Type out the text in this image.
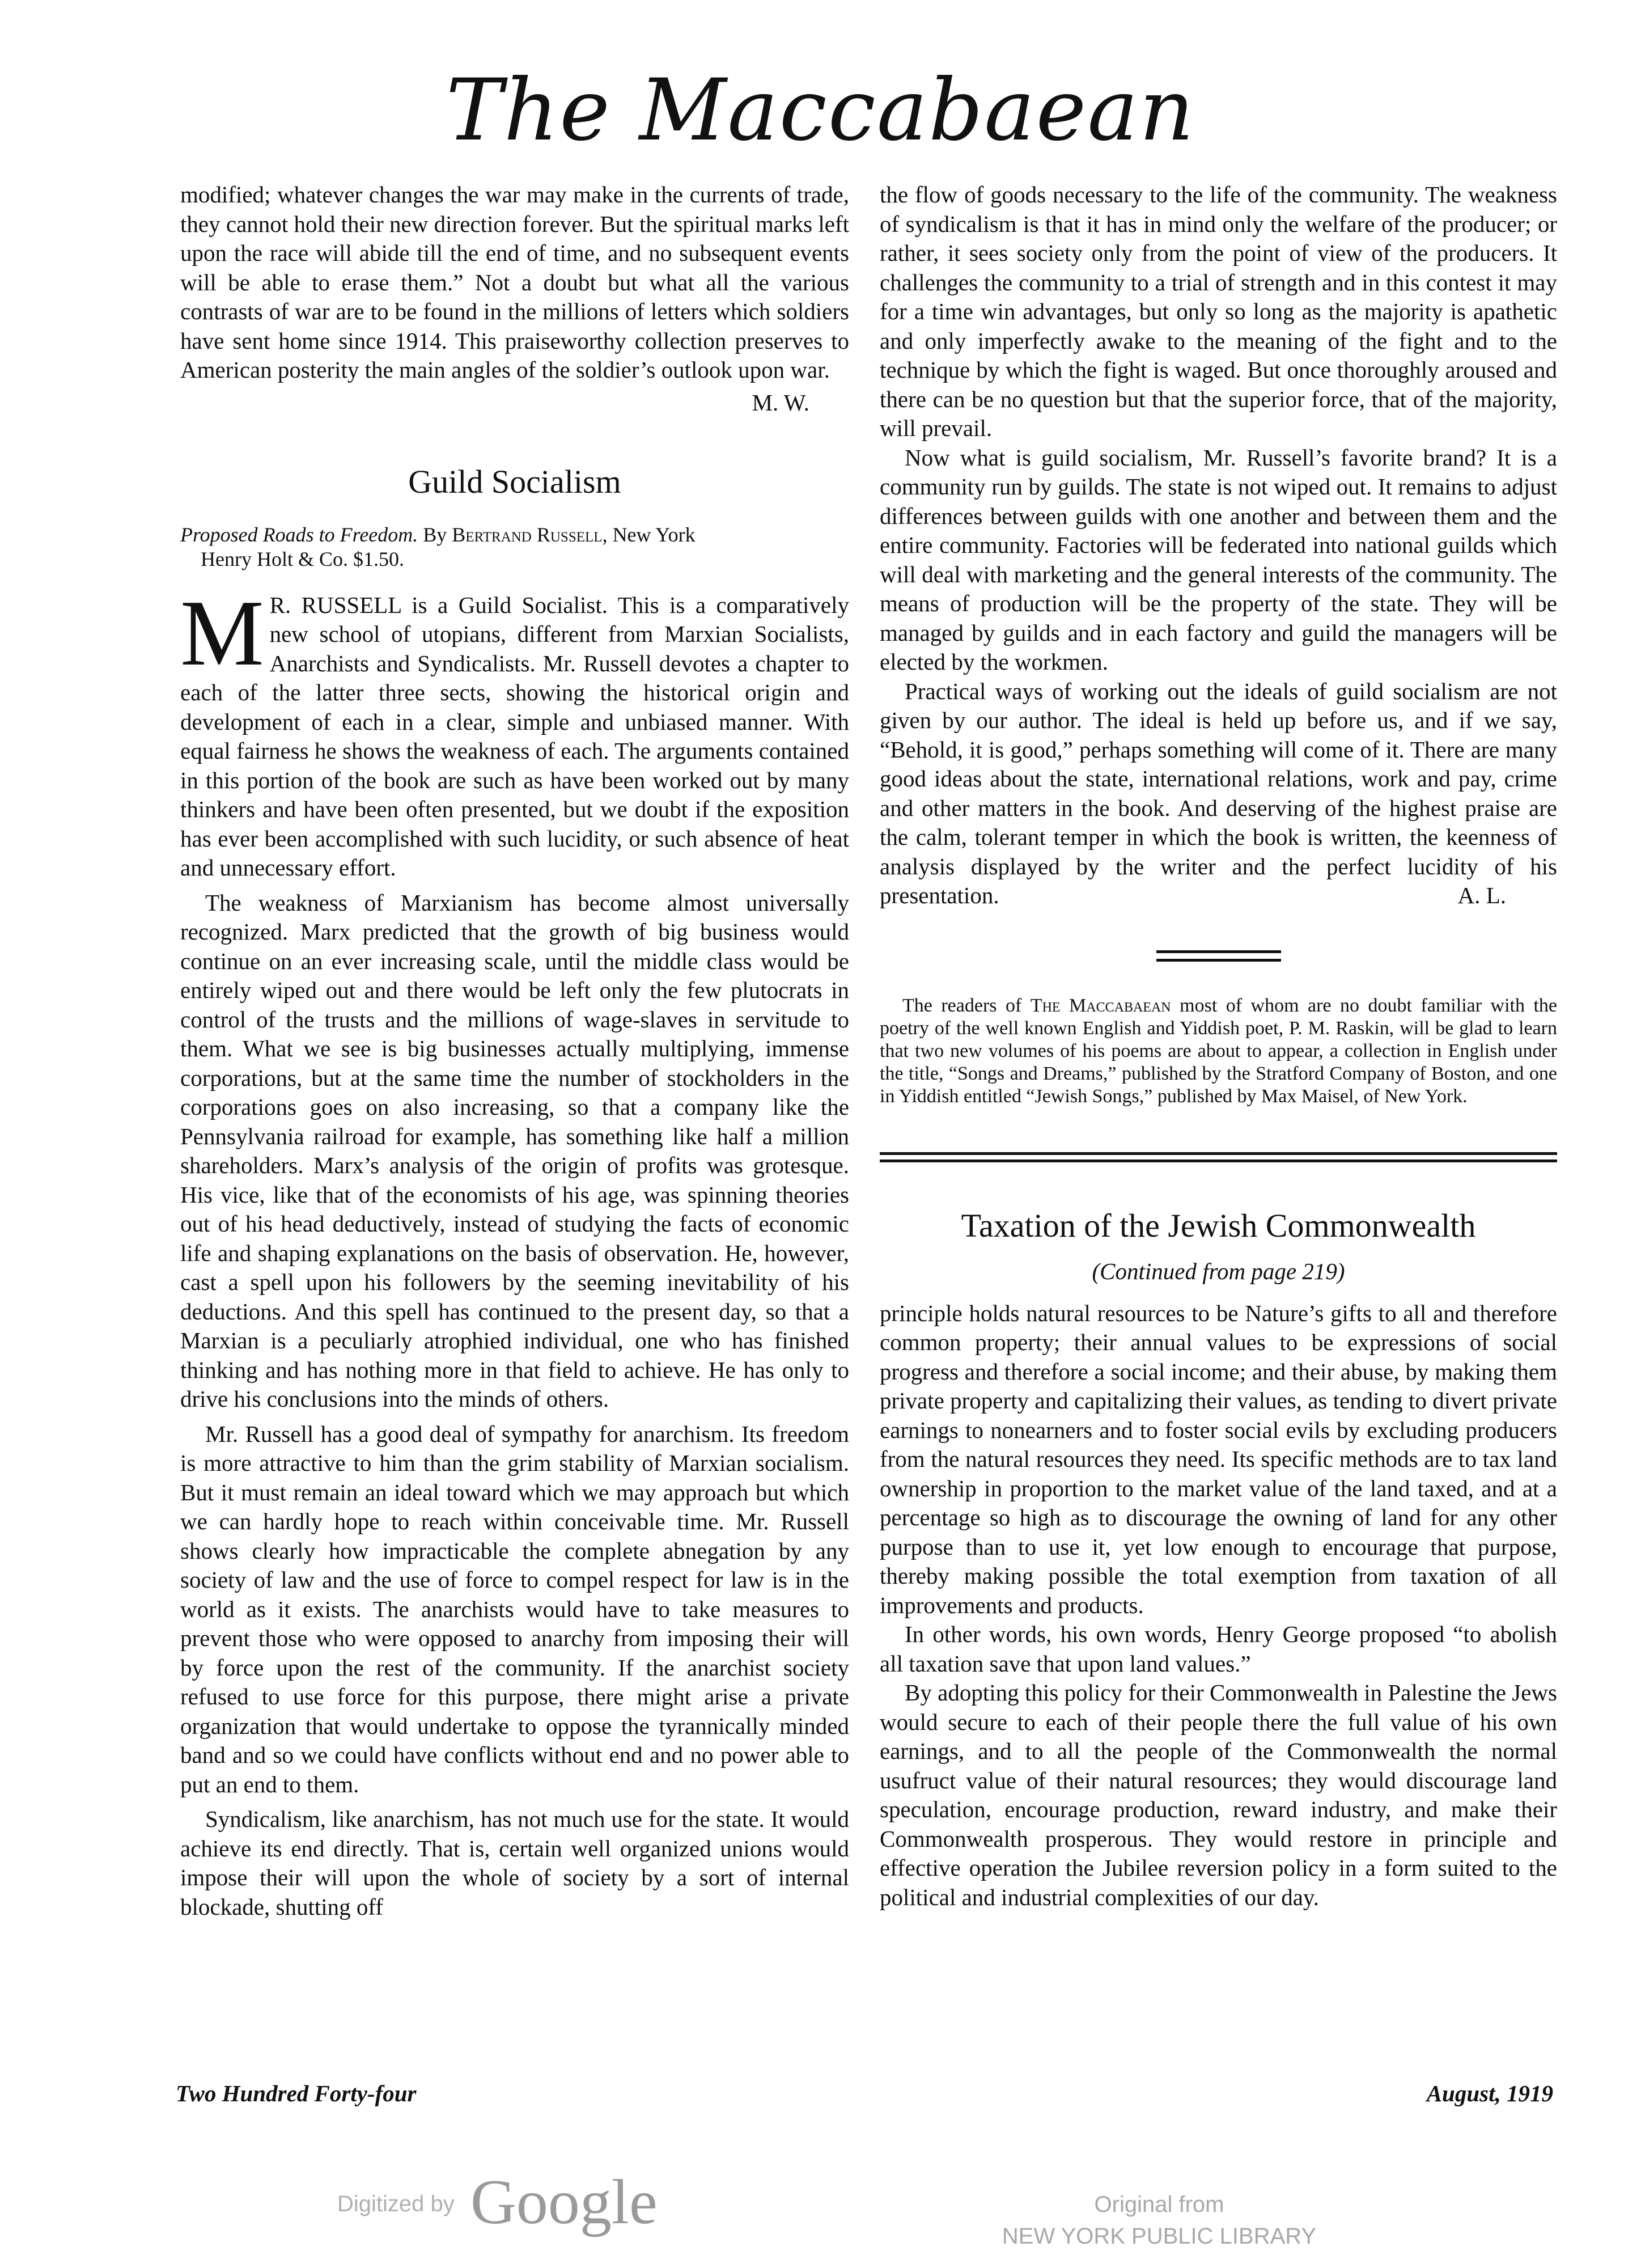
The Maccabaean

modified; whatever changes the war may make in the currents of trade, they cannot hold their new direction forever. But the spiritual marks left upon the race will abide till the end of time, and no subsequent events will be able to erase them.” Not a doubt but what all the various contrasts of war are to be found in the millions of letters which soldiers have sent home since 1914. This praiseworthy collection preserves to American posterity the main angles of the soldier’s outlook upon war.

M. W.

Guild Socialism

Proposed Roads to Freedom. By Bertrand Russell, New York
Henry Holt & Co. $1.50.

M R. RUSSELL is a Guild Socialist. This is a comparatively new school of utopians, different from Marxian Socialists, Anarchists and Syndicalists. Mr. Russell devotes a chapter to each of the latter three sects, showing the historical origin and development of each in a clear, simple and unbiased manner. With equal fairness he shows the weakness of each. The arguments contained in this portion of the book are such as have been worked out by many thinkers and have been often presented, but we doubt if the exposition has ever been accomplished with such lucidity, or such absence of heat and unnecessary effort.

The weakness of Marxianism has become almost universally recognized. Marx predicted that the growth of big business would continue on an ever increasing scale, until the middle class would be entirely wiped out and there would be left only the few plutocrats in control of the trusts and the millions of wage-slaves in servitude to them. What we see is big businesses actually multiplying, immense corporations, but at the same time the number of stockholders in the corporations goes on also increasing, so that a company like the Pennsylvania railroad for example, has something like half a million shareholders. Marx’s analysis of the origin of profits was grotesque. His vice, like that of the economists of his age, was spinning theories out of his head deductively, instead of studying the facts of economic life and shaping explanations on the basis of observation. He, however, cast a spell upon his followers by the seeming inevitability of his deductions. And this spell has continued to the present day, so that a Marxian is a peculiarly atrophied individual, one who has finished thinking and has nothing more in that field to achieve. He has only to drive his conclusions into the minds of others.

Mr. Russell has a good deal of sympathy for anarchism. Its freedom is more attractive to him than the grim stability of Marxian socialism. But it must remain an ideal toward which we may approach but which we can hardly hope to reach within conceivable time. Mr. Russell shows clearly how impracticable the complete abnegation by any society of law and the use of force to compel respect for law is in the world as it exists. The anarchists would have to take measures to prevent those who were opposed to anarchy from imposing their will by force upon the rest of the community. If the anarchist society refused to use force for this purpose, there might arise a private organization that would undertake to oppose the tyrannically minded band and so we could have conflicts without end and no power able to put an end to them.

Syndicalism, like anarchism, has not much use for the state. It would achieve its end directly. That is, certain well organized unions would impose their will upon the whole of society by a sort of internal blockade, shutting off

the flow of goods necessary to the life of the community. The weakness of syndicalism is that it has in mind only the welfare of the producer; or rather, it sees society only from the point of view of the producers. It challenges the community to a trial of strength and in this contest it may for a time win advantages, but only so long as the majority is apathetic and only imperfectly awake to the meaning of the fight and to the technique by which the fight is waged. But once thoroughly aroused and there can be no question but that the superior force, that of the majority, will prevail.

Now what is guild socialism, Mr. Russell’s favorite brand? It is a community run by guilds. The state is not wiped out. It remains to adjust differences between guilds with one another and between them and the entire community. Factories will be federated into national guilds which will deal with marketing and the general interests of the community. The means of production will be the property of the state. They will be managed by guilds and in each factory and guild the managers will be elected by the workmen.

Practical ways of working out the ideals of guild socialism are not given by our author. The ideal is held up before us, and if we say, “Behold, it is good,” perhaps something will come of it. There are many good ideas about the state, international relations, work and pay, crime and other matters in the book. And deserving of the highest praise are the calm, tolerant temper in which the book is written, the keenness of analysis displayed by the writer and the perfect lucidity of his presentation.	A. L.

The readers of The Maccabaean most of whom are no doubt familiar with the poetry of the well known English and Yiddish poet, P. M. Raskin, will be glad to learn that two new volumes of his poems are about to appear, a collection in English under the title, “Songs and Dreams,” published by the Stratford Company of Boston, and one in Yiddish entitled “Jewish Songs,” published by Max Maisel, of New York.

Taxation of the Jewish Commonwealth

(Continued from page 219)

principle holds natural resources to be Nature’s gifts to all and therefore common property; their annual values to be expressions of social progress and therefore a social income; and their abuse, by making them private property and capitalizing their values, as tending to divert private earnings to nonearners and to foster social evils by excluding producers from the natural resources they need. Its specific methods are to tax land ownership in proportion to the market value of the land taxed, and at a percentage so high as to discourage the owning of land for any other purpose than to use it, yet low enough to encourage that purpose, thereby making possible the total exemption from taxation of all improvements and products.

In other words, his own words, Henry George proposed “to abolish all taxation save that upon land values.”

By adopting this policy for their Commonwealth in Palestine the Jews would secure to each of their people there the full value of his own earnings, and to all the people of the Commonwealth the normal usufruct value of their natural resources; they would discourage land speculation, encourage production, reward industry, and make their Commonwealth prosperous. They would restore in principle and effective operation the Jubilee reversion policy in a form suited to the political and industrial complexities of our day.

Two Hundred Forty-four	August, 1919
Digitized by Google	Original from
NEW YORK PUBLIC LIBRARY
